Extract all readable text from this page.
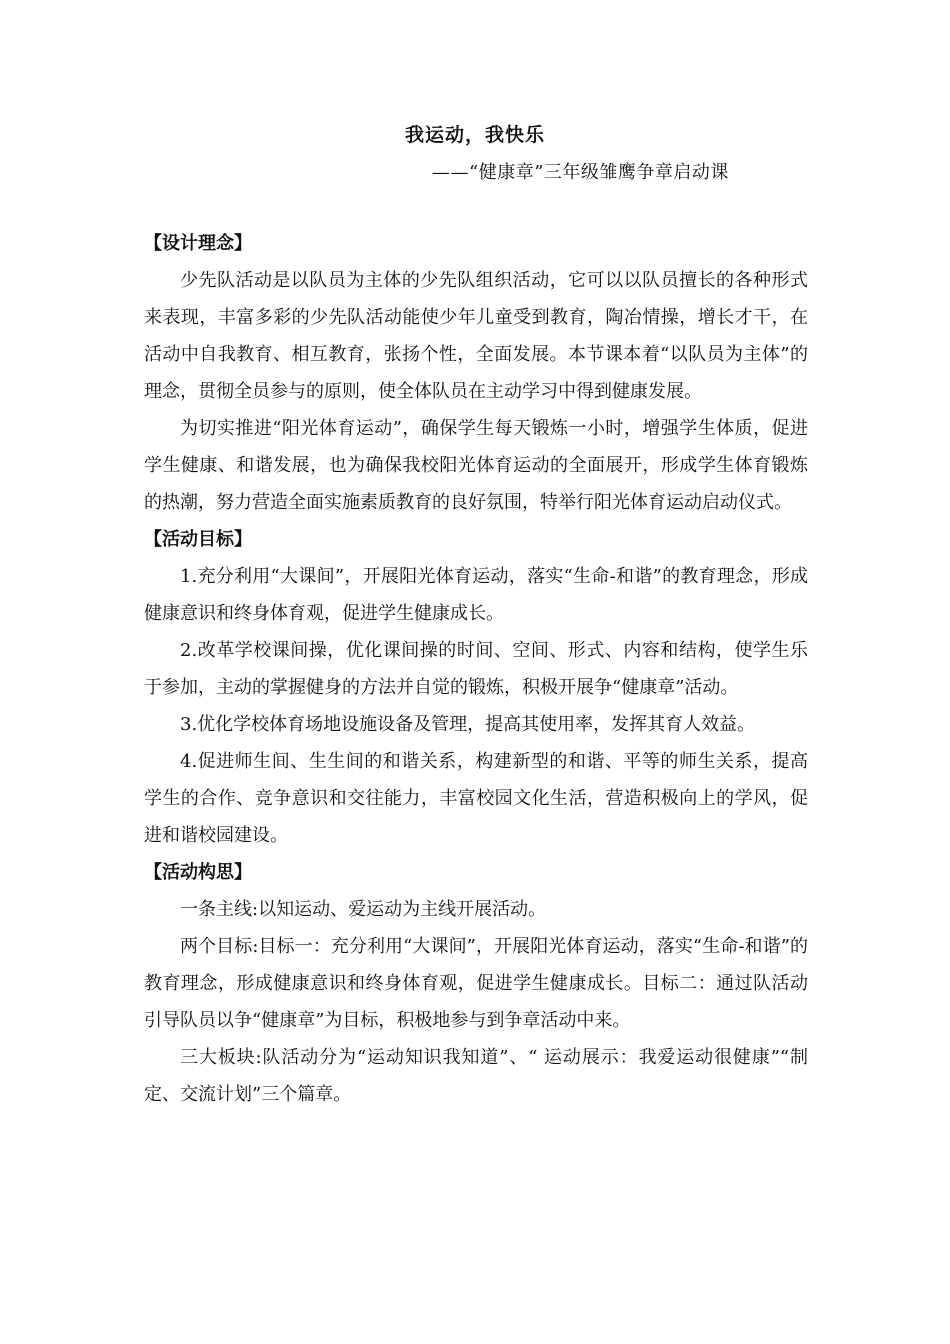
我运动，我快乐
——“健康章”三年级雏鹰争章启动课
【设计理念】

少先队活动是以队员为主体的少先队组织活动，它可以以队员擅长的各种形式来表现，丰富多彩的少先队活动能使少年儿童受到教育，陶冶情操，增长才干，在活动中自我教育、相互教育，张扬个性，全面发展。本节课本着“以队员为主体”的理念，贯彻全员参与的原则，使全体队员在主动学习中得到健康发展。

为切实推进“阳光体育运动”，确保学生每天锻炼一小时，增强学生体质，促进学生健康、和谐发展，也为确保我校阳光体育运动的全面展开，形成学生体育锻炼的热潮，努力营造全面实施素质教育的良好氛围，特举行阳光体育运动启动仪式。

【活动目标】

1.充分利用“大课间”，开展阳光体育运动，落实“生命-和谐”的教育理念，形成健康意识和终身体育观，促进学生健康成长。

2.改革学校课间操，优化课间操的时间、空间、形式、内容和结构，使学生乐于参加，主动的掌握健身的方法并自觉的锻炼，积极开展争“健康章”活动。

3.优化学校体育场地设施设备及管理，提高其使用率，发挥其育人效益。

4.促进师生间、生生间的和谐关系，构建新型的和谐、平等的师生关系，提高学生的合作、竞争意识和交往能力，丰富校园文化生活，营造积极向上的学风，促进和谐校园建设。

【活动构思】

一条主线:以知运动、爱运动为主线开展活动。

两个目标:目标一：充分利用“大课间”，开展阳光体育运动，落实“生命-和谐”的教育理念，形成健康意识和终身体育观，促进学生健康成长。目标二：通过队活动引导队员以争“健康章”为目标，积极地参与到争章活动中来。

三大板块:队活动分为“运动知识我知道”、“ 运动展示：我爱运动很健康”“制定、交流计划”三个篇章。
